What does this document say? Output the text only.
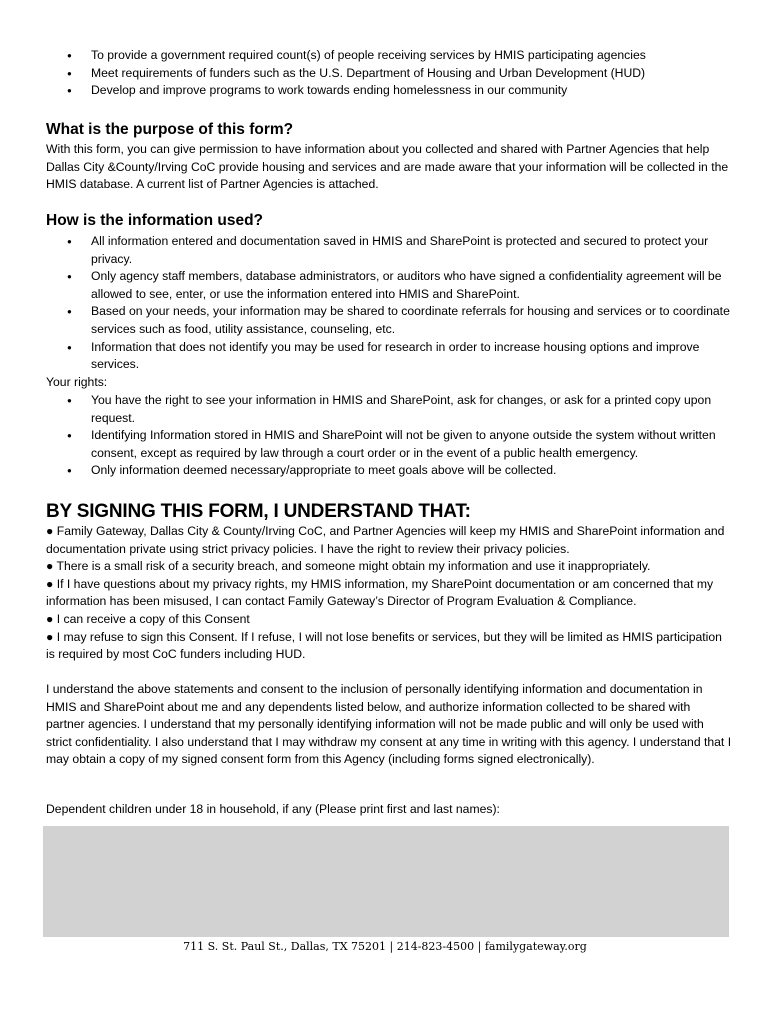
● To provide a government required count(s) of people receiving services by HMIS participating agencies
● Meet requirements of funders such as the U.S. Department of Housing and Urban Development (HUD)
● Develop and improve programs to work towards ending homelessness in our community
What is the purpose of this form?

With this form, you can give permission to have information about you collected and shared with Partner Agencies that help Dallas City &County/Irving CoC provide housing and services and are made aware that your information will be collected in the HMIS database. A current list of Partner Agencies is attached.

How is the information used?
● All information entered and documentation saved in HMIS and SharePoint is protected and secured to protect your privacy.
● Only agency staff members, database administrators, or auditors who have signed a confidentiality agreement will be allowed to see, enter, or use the information entered into HMIS and SharePoint.
● Based on your needs, your information may be shared to coordinate referrals for housing and services or to coordinate services such as food, utility assistance, counseling, etc.
● Information that does not identify you may be used for research in order to increase housing options and improve services.

Your rights:

● You have the right to see your information in HMIS and SharePoint, ask for changes, or ask for a printed copy upon request.
● Identifying Information stored in HMIS and SharePoint will not be given to anyone outside the system without written consent, except as required by law through a court order or in the event of a public health emergency.
● Only information deemed necessary/appropriate to meet goals above will be collected.
BY SIGNING THIS FORM, I UNDERSTAND THAT:

● Family Gateway, Dallas City & County/Irving CoC, and Partner Agencies will keep my HMIS and SharePoint information and documentation private using strict privacy policies. I have the right to review their privacy policies.

● There is a small risk of a security breach, and someone might obtain my information and use it inappropriately.

● If I have questions about my privacy rights, my HMIS information, my SharePoint documentation or am concerned that my information has been misused, I can contact Family Gateway’s Director of Program Evaluation & Compliance.

● I can receive a copy of this Consent

● I may refuse to sign this Consent. If I refuse, I will not lose benefits or services, but they will be limited as HMIS participation is required by most CoC funders including HUD.

I understand the above statements and consent to the inclusion of personally identifying information and documentation in HMIS and SharePoint about me and any dependents listed below, and authorize information collected to be shared with partner agencies. I understand that my personally identifying information will not be made public and will only be used with strict confidentiality. I also understand that I may withdraw my consent at any time in writing with this agency. I understand that I may obtain a copy of my signed consent form from this Agency (including forms signed electronically).

Dependent children under 18 in household, if any (Please print first and last names):

711 S. St. Paul St., Dallas, TX 75201 | 214-823-4500 | familygateway.org
